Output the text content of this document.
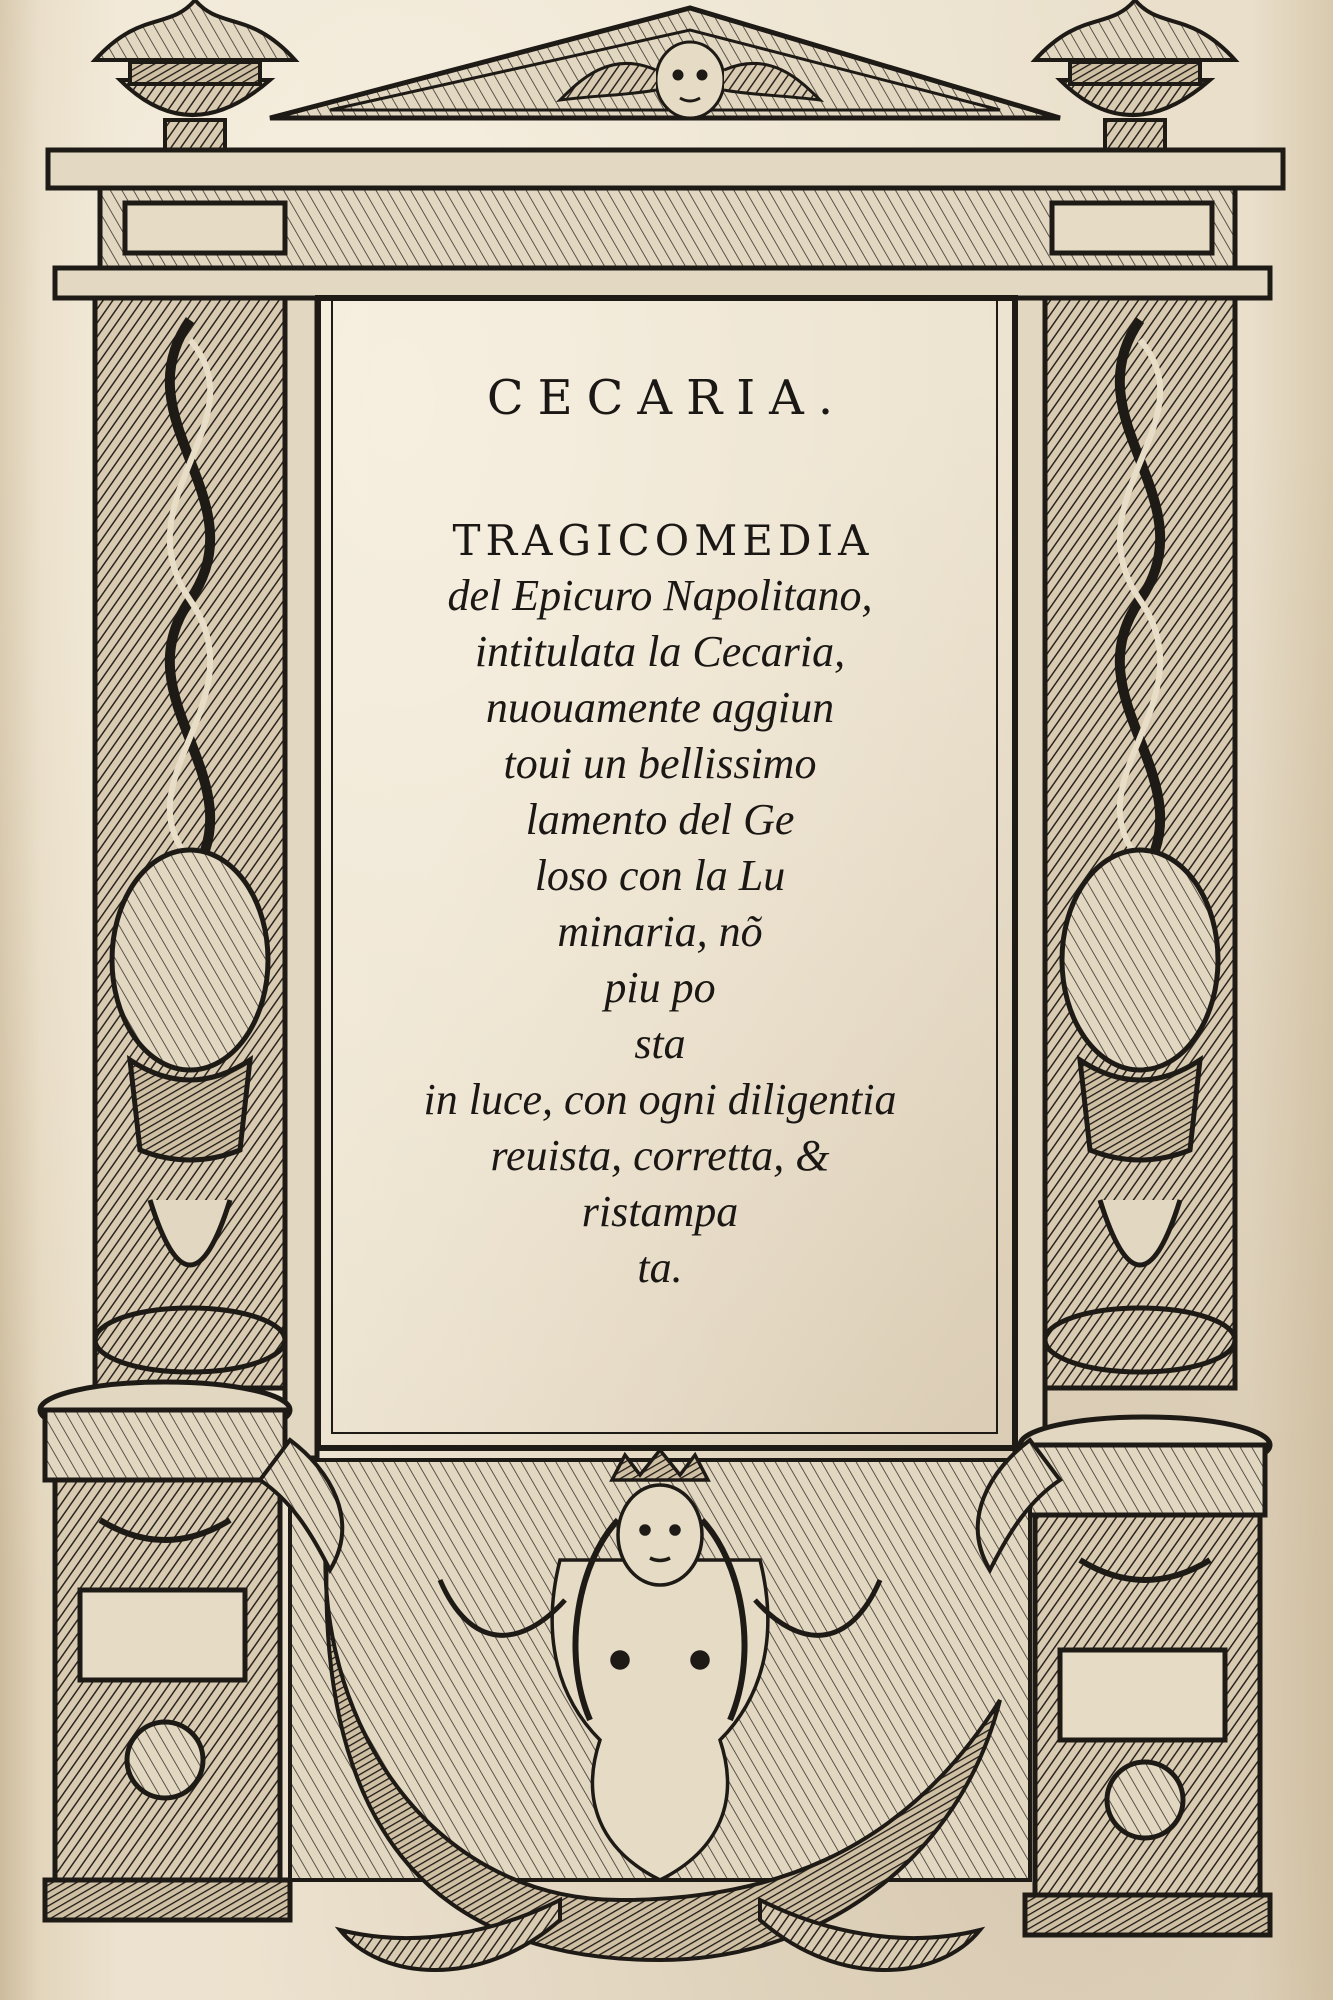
CECARIA.
TRAGICOMEDIA
del Epicuro Napolitano,
intitulata la Cecaria,
nuouamente aggiun
toui un bellissimo
lamento del Ge
loso con la Lu
minaria, nõ
piu po
sta
in luce, con ogni diligentia
reuista, corretta, &
ristampa
ta.
